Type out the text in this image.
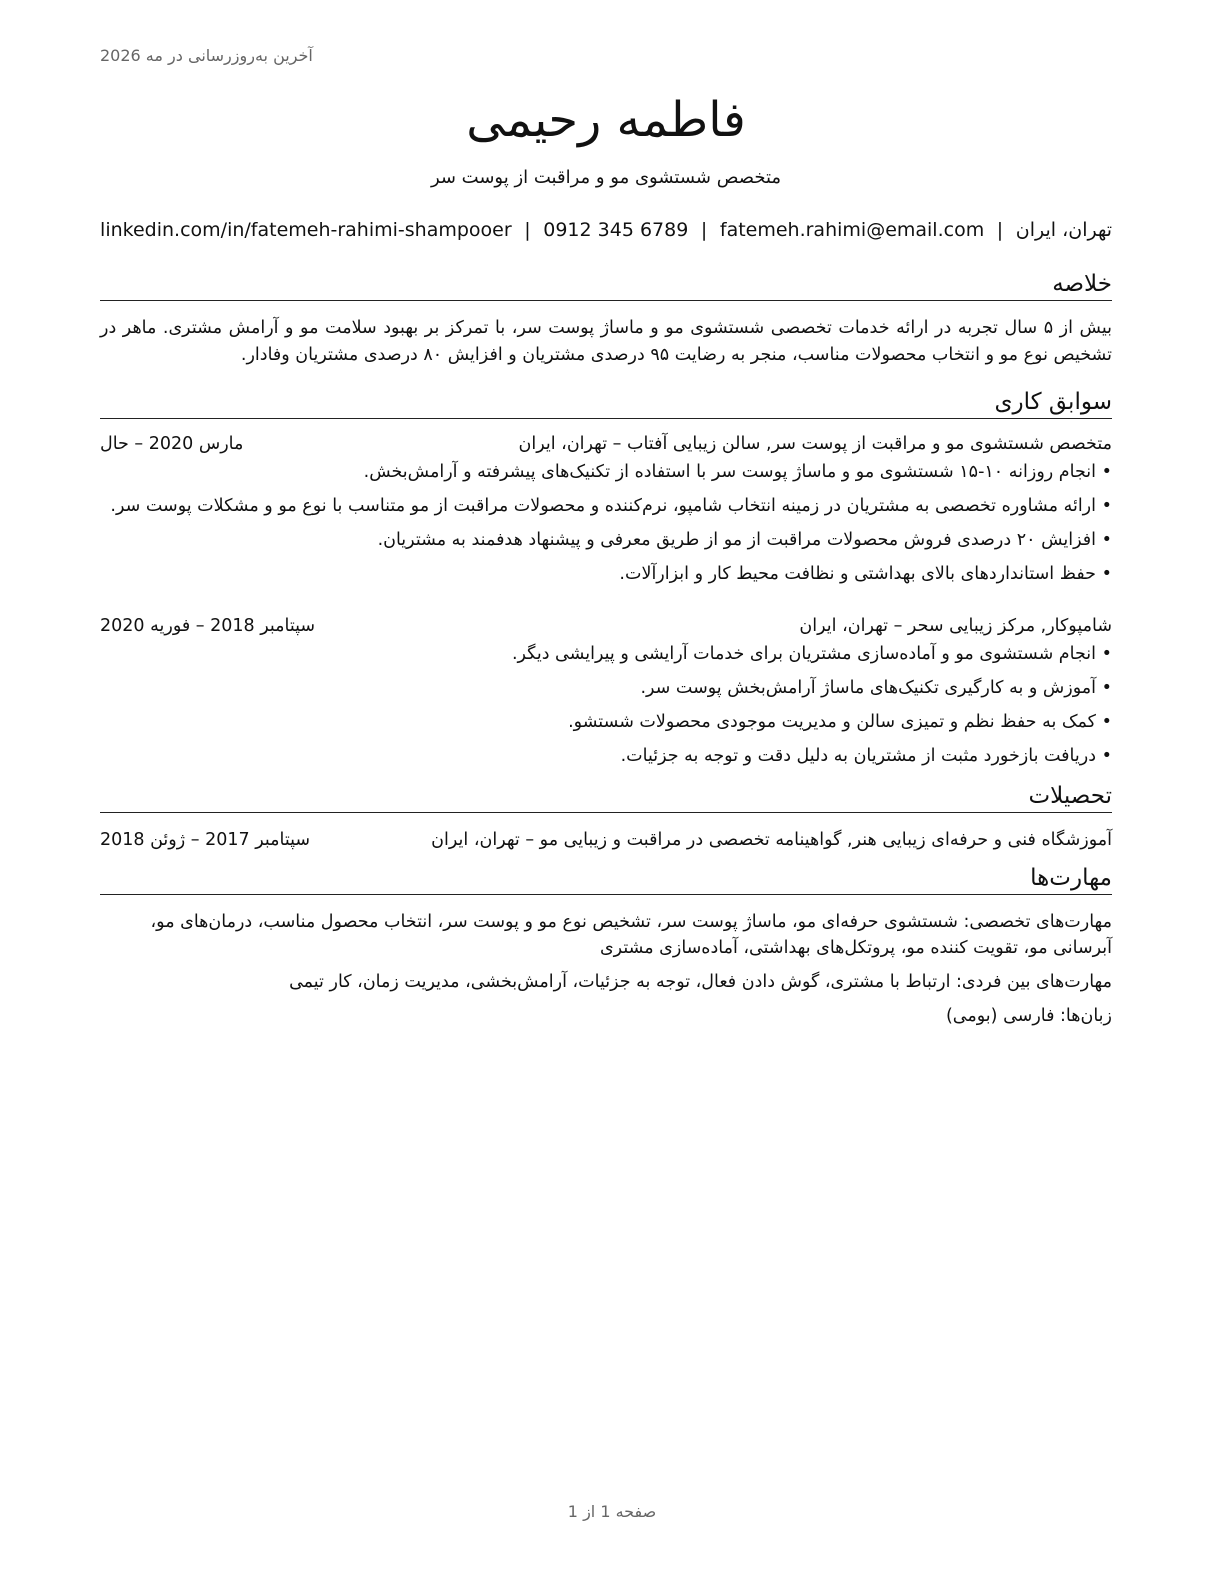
آخرین به‌روزرسانی در مه 2026
فاطمه رحیمی
متخصص شستشوی مو و مراقبت از پوست سر
تهران، ایران
|
fatemeh.rahimi@email.com
|
0912 345 6789
|
linkedin.com/in/fatemeh-rahimi-shampooer
خلاصه
بیش از ۵ سال تجربه در ارائه خدمات تخصصی شستشوی مو و ماساژ پوست سر، با تمرکز بر بهبود سلامت مو و آرامش مشتری. ماهر در تشخیص نوع مو و انتخاب محصولات مناسب، منجر به رضایت ۹۵ درصدی مشتریان و افزایش ۸۰ درصدی مشتریان وفادار.
سوابق کاری
متخصص شستشوی مو و مراقبت از پوست سر, سالن زیبایی آفتاب – تهران، ایران
مارس 2020 – حال
• انجام روزانه ۱۰-۱۵ شستشوی مو و ماساژ پوست سر با استفاده از تکنیک‌های پیشرفته و آرامش‌بخش.
• ارائه مشاوره تخصصی به مشتریان در زمینه انتخاب شامپو، نرم‌کننده و محصولات مراقبت از مو متناسب با نوع مو و مشکلات پوست سر.
• افزایش ۲۰ درصدی فروش محصولات مراقبت از مو از طریق معرفی و پیشنهاد هدفمند به مشتریان.
• حفظ استانداردهای بالای بهداشتی و نظافت محیط کار و ابزارآلات.
شامپوکار, مرکز زیبایی سحر – تهران، ایران
سپتامبر 2018 – فوریه 2020
• انجام شستشوی مو و آماده‌سازی مشتریان برای خدمات آرایشی و پیرایشی دیگر.
• آموزش و به کارگیری تکنیک‌های ماساژ آرامش‌بخش پوست سر.
• کمک به حفظ نظم و تمیزی سالن و مدیریت موجودی محصولات شستشو.
• دریافت بازخورد مثبت از مشتریان به دلیل دقت و توجه به جزئیات.
تحصیلات
آموزشگاه فنی و حرفه‌ای زیبایی هنر, گواهینامه تخصصی در مراقبت و زیبایی مو – تهران، ایران
سپتامبر 2017 – ژوئن 2018
مهارت‌ها

مهارت‌های تخصصی: شستشوی حرفه‌ای مو، ماساژ پوست سر، تشخیص نوع مو و پوست سر، انتخاب محصول مناسب، درمان‌های مو، آبرسانی مو، تقویت کننده مو، پروتکل‌های بهداشتی، آماده‌سازی مشتری

مهارت‌های بین فردی: ارتباط با مشتری، گوش دادن فعال، توجه به جزئیات، آرامش‌بخشی، مدیریت زمان، کار تیمی

زبان‌ها: فارسی (بومی)

صفحه 1 از 1
